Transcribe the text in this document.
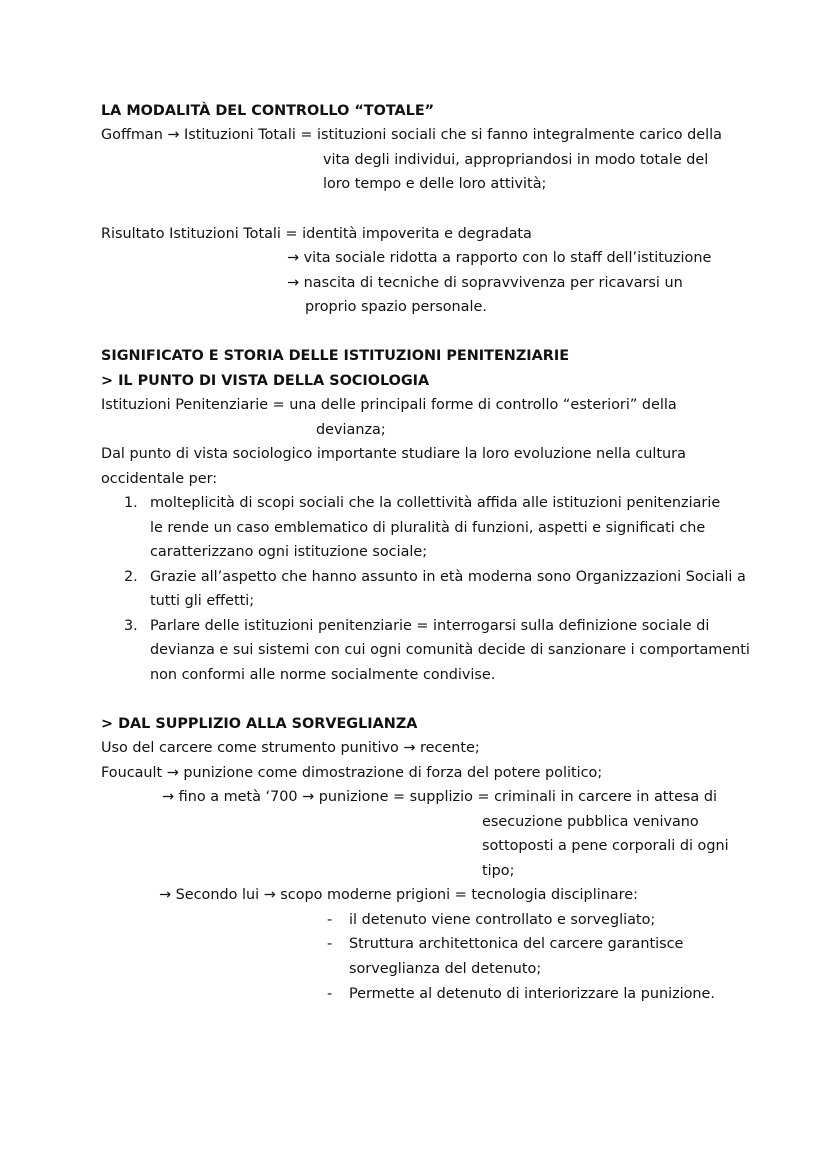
LA MODALITÀ DEL CONTROLLO “TOTALE”
Goffman → Istituzioni Totali = istituzioni sociali che si fanno integralmente carico della
vita degli individui, appropriandosi in modo totale del
loro tempo e delle loro attività;
Risultato Istituzioni Totali = identità impoverita e degradata
→ vita sociale ridotta a rapporto con lo staff dell’istituzione
→ nascita di tecniche di sopravvivenza per ricavarsi un
proprio spazio personale.
SIGNIFICATO E STORIA DELLE ISTITUZIONI PENITENZIARIE
> IL PUNTO DI VISTA DELLA SOCIOLOGIA
Istituzioni Penitenziarie = una delle principali forme di controllo “esteriori” della
devianza;
Dal punto di vista sociologico importante studiare la loro evoluzione nella cultura
occidentale per:
1. molteplicità di scopi sociali che la collettività affida alle istituzioni penitenziarie
le rende un caso emblematico di pluralità di funzioni, aspetti e significati che
caratterizzano ogni istituzione sociale;
2. Grazie all’aspetto che hanno assunto in età moderna sono Organizzazioni Sociali a
tutti gli effetti;
3. Parlare delle istituzioni penitenziarie = interrogarsi sulla definizione sociale di
devianza e sui sistemi con cui ogni comunità decide di sanzionare i comportamenti
non conformi alle norme socialmente condivise.
> DAL SUPPLIZIO ALLA SORVEGLIANZA
Uso del carcere come strumento punitivo → recente;
Foucault → punizione come dimostrazione di forza del potere politico;
→ fino a metà ‘700 → punizione = supplizio = criminali in carcere in attesa di
esecuzione pubblica venivano
sottoposti a pene corporali di ogni
tipo;
→ Secondo lui → scopo moderne prigioni = tecnologia disciplinare:
- il detenuto viene controllato e sorvegliato;
- Struttura architettonica del carcere garantisce
sorveglianza del detenuto;
- Permette al detenuto di interiorizzare la punizione.
